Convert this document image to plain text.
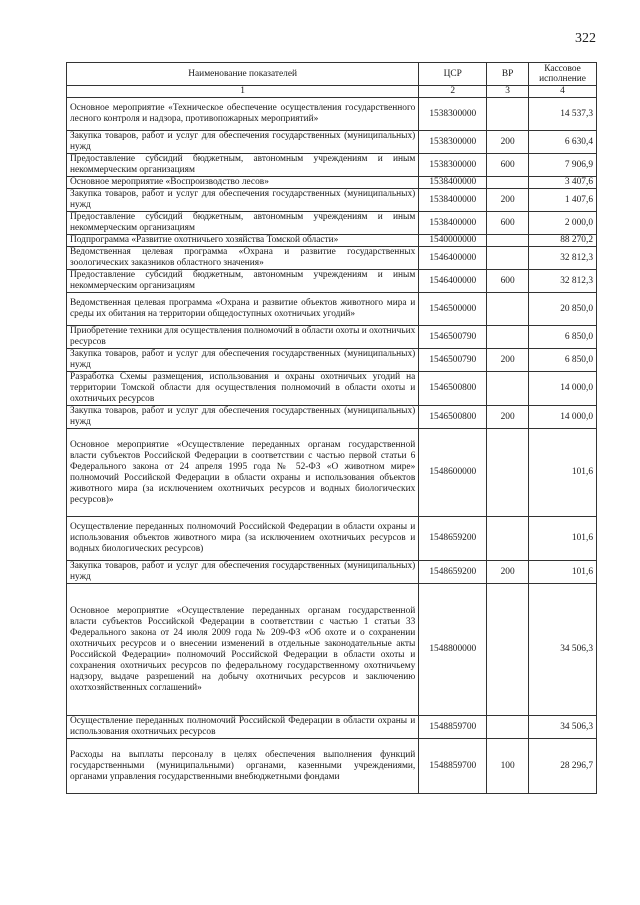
322
Наименование показателей	ЦСР	ВР	Кассовое исполнение
1	2	3	4
Основное мероприятие «Техническое обеспечение осуществления государственного лесного контроля и надзора, противопожарных мероприятий»	1538300000		14 537,3
Закупка товаров, работ и услуг для обеспечения государственных (муниципальных) нужд	1538300000	200	6 630,4
Предоставление субсидий бюджетным, автономным учреждениям и иным некоммерческим организациям	1538300000	600	7 906,9
Основное мероприятие «Воспроизводство лесов»	1538400000		3 407,6
Закупка товаров, работ и услуг для обеспечения государственных (муниципальных) нужд	1538400000	200	1 407,6
Предоставление субсидий бюджетным, автономным учреждениям и иным некоммерческим организациям	1538400000	600	2 000,0
Подпрограмма «Развитие охотничьего хозяйства Томской области»	1540000000		88 270,2
Ведомственная целевая программа «Охрана и развитие государственных зоологических заказников областного значения»	1546400000		32 812,3
Предоставление субсидий бюджетным, автономным учреждениям и иным некоммерческим организациям	1546400000	600	32 812,3
Ведомственная целевая программа «Охрана и развитие объектов животного мира и среды их обитания на территории общедоступных охотничьих угодий»	1546500000		20 850,0
Приобретение техники для осуществления полномочий в области охоты и охотничьих ресурсов	1546500790		6 850,0
Закупка товаров, работ и услуг для обеспечения государственных (муниципальных) нужд	1546500790	200	6 850,0
Разработка Схемы размещения, использования и охраны охотничьих угодий на территории Томской области для осуществления полномочий в области охоты и охотничьих ресурсов	1546500800		14 000,0
Закупка товаров, работ и услуг для обеспечения государственных (муниципальных) нужд	1546500800	200	14 000,0
Основное мероприятие «Осуществление переданных органам государственной власти субъектов Российской Федерации в соответствии с частью первой статьи 6 Федерального закона от 24 апреля 1995 года № 52-ФЗ «О животном мире» полномочий Российской Федерации в области охраны и использования объектов животного мира (за исключением охотничьих ресурсов и водных биологических ресурсов)»	1548600000		101,6
Осуществление переданных полномочий Российской Федерации в области охраны и использования объектов животного мира (за исключением охотничьих ресурсов и водных биологических ресурсов)	1548659200		101,6
Закупка товаров, работ и услуг для обеспечения государственных (муниципальных) нужд	1548659200	200	101,6
Основное мероприятие «Осуществление переданных органам государственной власти субъектов Российской Федерации в соответствии с частью 1 статьи 33 Федерального закона от 24 июля 2009 года № 209-ФЗ «Об охоте и о сохранении охотничьих ресурсов и о внесении изменений в отдельные законодательные акты Российской Федерации» полномочий Российской Федерации в области охоты и сохранения охотничьих ресурсов по федеральному государственному охотничьему надзору, выдаче разрешений на добычу охотничьих ресурсов и заключению охотхозяйственных соглашений»	1548800000		34 506,3
Осуществление переданных полномочий Российской Федерации в области охраны и использования охотничьих ресурсов	1548859700		34 506,3
Расходы на выплаты персоналу в целях обеспечения выполнения функций государственными (муниципальными) органами, казенными учреждениями, органами управления государственными внебюджетными фондами	1548859700	100	28 296,7
